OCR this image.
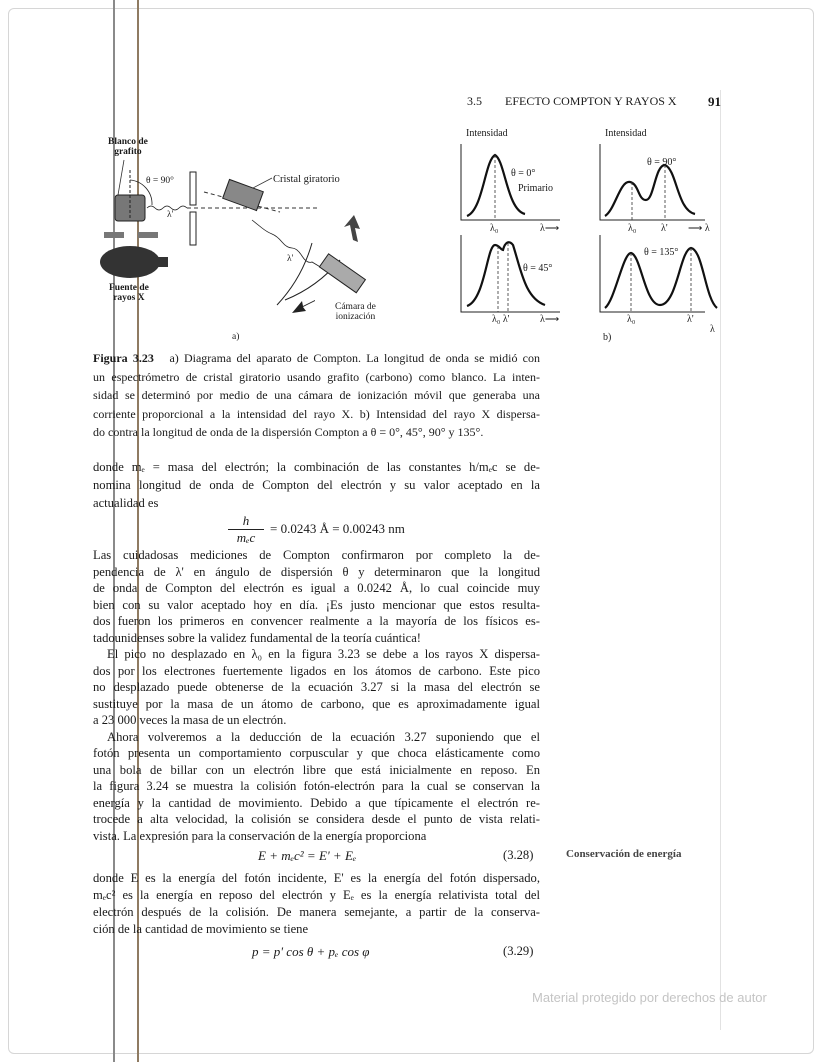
3.5 EFECTO COMPTON Y RAYOS X 91
Blanco de
grafito
θ = 90°	Cristal giratorio
λ'
λ'
Fuente de
rayos X
Cámara de
ionización
a)
Intensidad	Intensidad
θ = 0°
Primario
λ₀	λ⟶
θ = 90°
λ₀ λ' ⟶ λ
θ = 45°
λ₀ λ'	λ⟶
θ = 135°
λ₀	λ'
λ
b)
Figura 3.23 a) Diagrama del aparato de Compton. La longitud de onda se midió con
un espectrómetro de cristal giratorio usando grafito (carbono) como blanco. La inten-
sidad se determinó por medio de una cámara de ionización móvil que generaba una
corriente proporcional a la intensidad del rayo X. b) Intensidad del rayo X dispersa-
do contra la longitud de onda de la dispersión Compton a θ = 0°, 45°, 90° y 135°.
donde mₑ = masa del electrón; la combinación de las constantes h/mₑc se de-
nomina longitud de onda de Compton del electrón y su valor aceptado en la
actualidad es
h
mₑc
= 0.0243 Å = 0.00243 nm
Las cuidadosas mediciones de Compton confirmaron por completo la de-
pendencia de λ' en ángulo de dispersión θ y determinaron que la longitud
de onda de Compton del electrón es igual a 0.0242 Å, lo cual coincide muy
bien con su valor aceptado hoy en día. ¡Es justo mencionar que estos resulta-
dos fueron los primeros en convencer realmente a la mayoría de los físicos es-
tadounidenses sobre la validez fundamental de la teoría cuántica!
El pico no desplazado en λ₀ en la figura 3.23 se debe a los rayos X dispersa-
dos por los electrones fuertemente ligados en los átomos de carbono. Este pico
no desplazado puede obtenerse de la ecuación 3.27 si la masa del electrón se
sustituye por la masa de un átomo de carbono, que es aproximadamente igual
a 23 000 veces la masa de un electrón.
Ahora volveremos a la deducción de la ecuación 3.27 suponiendo que el
fotón presenta un comportamiento corpuscular y que choca elásticamente como
una bola de billar con un electrón libre que está inicialmente en reposo. En
la figura 3.24 se muestra la colisión fotón-electrón para la cual se conservan la
energía y la cantidad de movimiento. Debido a que típicamente el electrón re-
trocede a alta velocidad, la colisión se considera desde el punto de vista relati-
vista. La expresión para la conservación de la energía proporciona
E + mₑc² = E' + Eₑ	(3.28)	Conservación de energía
donde E es la energía del fotón incidente, E' es la energía del fotón dispersado,
mₑc² es la energía en reposo del electrón y Eₑ es la energía relativista total del
electrón después de la colisión. De manera semejante, a partir de la conserva-
ción de la cantidad de movimiento se tiene
p = p' cos θ + pₑ cos φ	(3.29)
Material protegido por derechos de autor
